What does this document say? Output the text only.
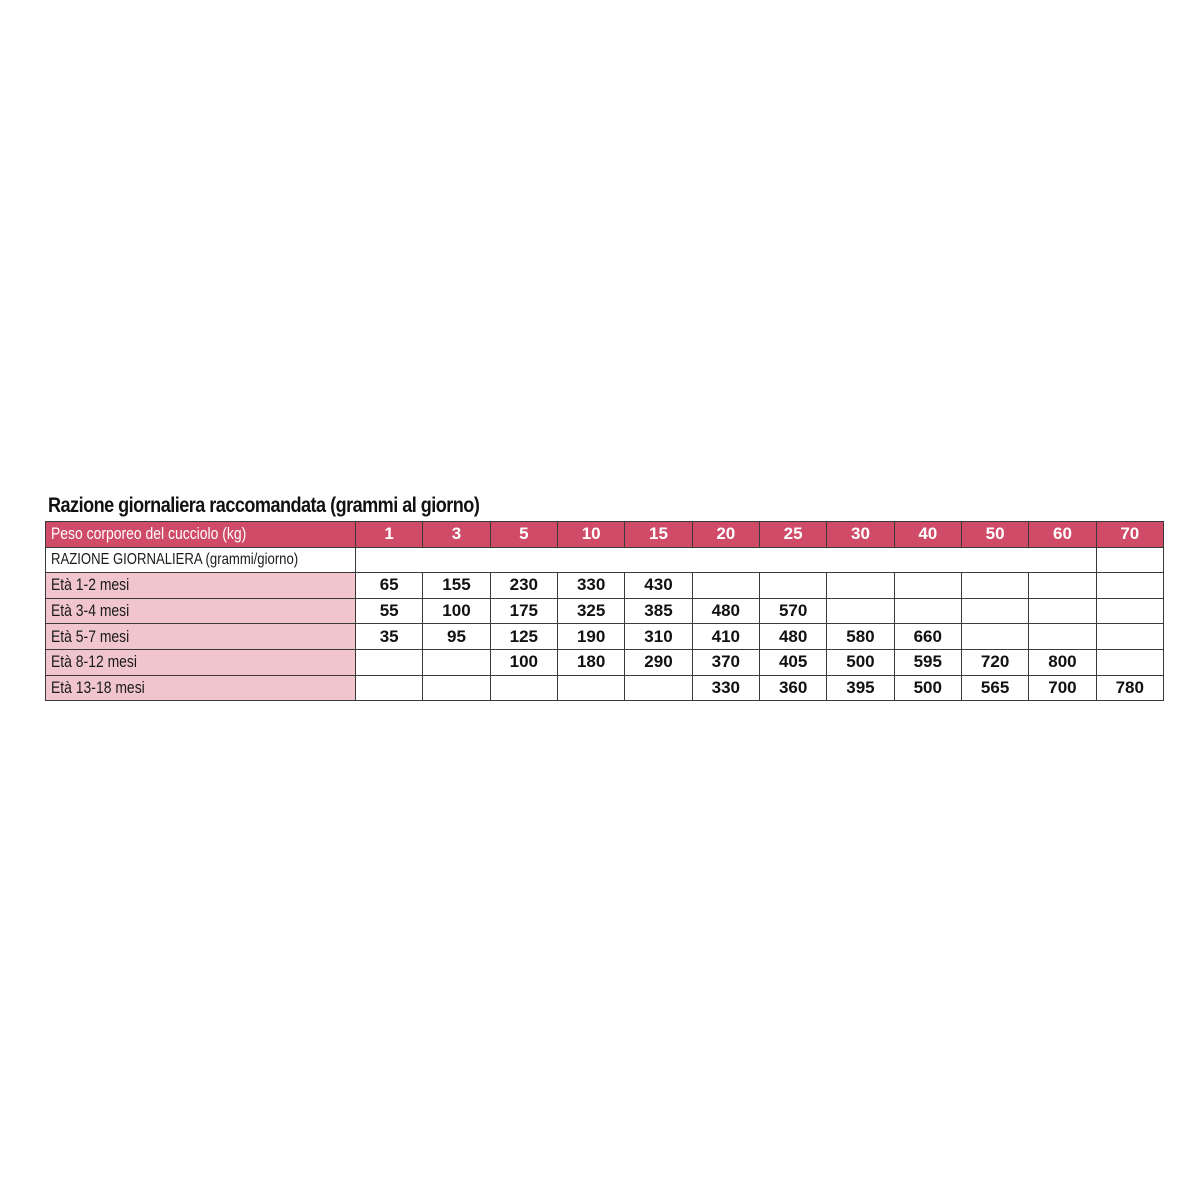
Razione giornaliera raccomandata (grammi al giorno)
Peso corporeo del cucciolo (kg)	1	3	5	10	15	20	25	30	40	50	60	70
RAZIONE GIORNALIERA (grammi/giorno)												
Età 1-2 mesi	65	155	230	330	430							
Età 3-4 mesi	55	100	175	325	385	480	570					
Età 5-7 mesi	35	95	125	190	310	410	480	580	660			
Età 8-12 mesi			100	180	290	370	405	500	595	720	800	
Età 13-18 mesi						330	360	395	500	565	700	780
